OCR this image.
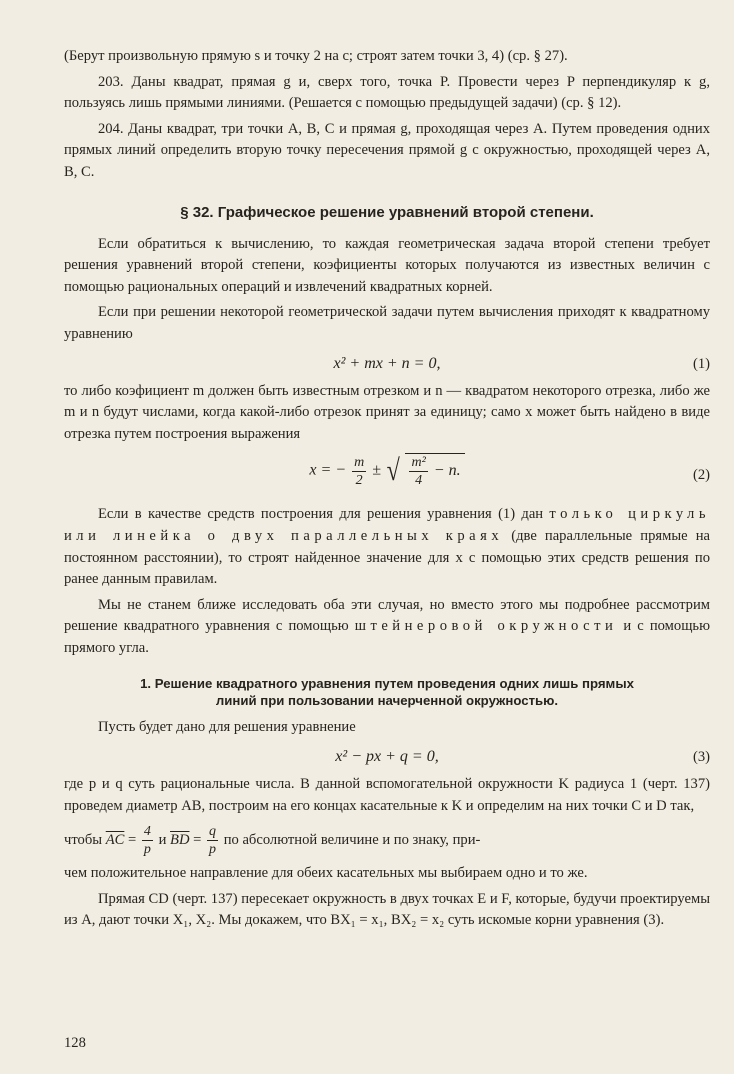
(Берут произвольную прямую s и точку 2 на c; строят затем точки 3, 4) (ср. § 27).

203. Даны квадрат, прямая g и, сверх того, точка P. Провести через P перпендикуляр к g, пользуясь лишь прямыми линиями. (Решается с помощью предыдущей задачи) (ср. § 12).

204. Даны квадрат, три точки A, B, C и прямая g, проходящая через A. Путем проведения одних прямых линий определить вторую точку пересечения прямой g с окружностью, проходящей через A, B, C.

§ 32. Графическое решение уравнений второй степени.

Если обратиться к вычислению, то каждая геометрическая задача второй степени требует решения уравнений второй степени, коэфициенты которых получаются из известных величин с помощью рациональных операций и извлечений квадратных корней.

Если при решении некоторой геометрической задачи путем вычисления приходят к квадратному уравнению

x² + mx + n = 0,	(1)

то либо коэфициент m должен быть известным отрезком и n — квадратом некоторого отрезка, либо же m и n будут числами, когда какой-либо отрезок принят за единицу; само x может быть найдено в виде отрезка путем построения выражения

x = − $\frac{m}{2}$ ± √ $\frac{\text{m²}}{4} - n$.	(2)

Если в качестве средств построения для решения уравнения (1) дан только циркуль или линейка о двух параллельных краях (две параллельные прямые на постоянном расстоянии), то строят найденное значение для x с помощью этих средств решения по ранее данным правилам.

Мы не станем ближе исследовать оба эти случая, но вместо этого мы подробнее рассмотрим решение квадратного уравнения с помощью штейнеровой окружности и с помощью прямого угла.

1. Решение квадратного уравнения путем проведения одних лишь прямых
линий при пользовании начерченной окружностью.

Пусть будет дано для решения уравнение

x² − px + q = 0,	(3)

где p и q суть рациональные числа. В данной вспомогательной окружности K радиуса 1 (черт. 137) проведем диаметр AB, построим на его концах касательные к K и определим на них точки C и D так,

чтобы $\overline{AC} = \frac{4}{p}$ и $\overline{BD} = \frac{q}{p}$ по абсолютной величине и по знаку, при-

чем положительное направление для обеих касательных мы выбираем одно и то же.

Прямая CD (черт. 137) пересекает окружность в двух точках E и F, которые, будучи проектируемы из A, дают точки X₁, X₂. Мы докажем, что BX₁ = x₁, BX₂ = x₂ суть искомые корни уравнения (3).

128
